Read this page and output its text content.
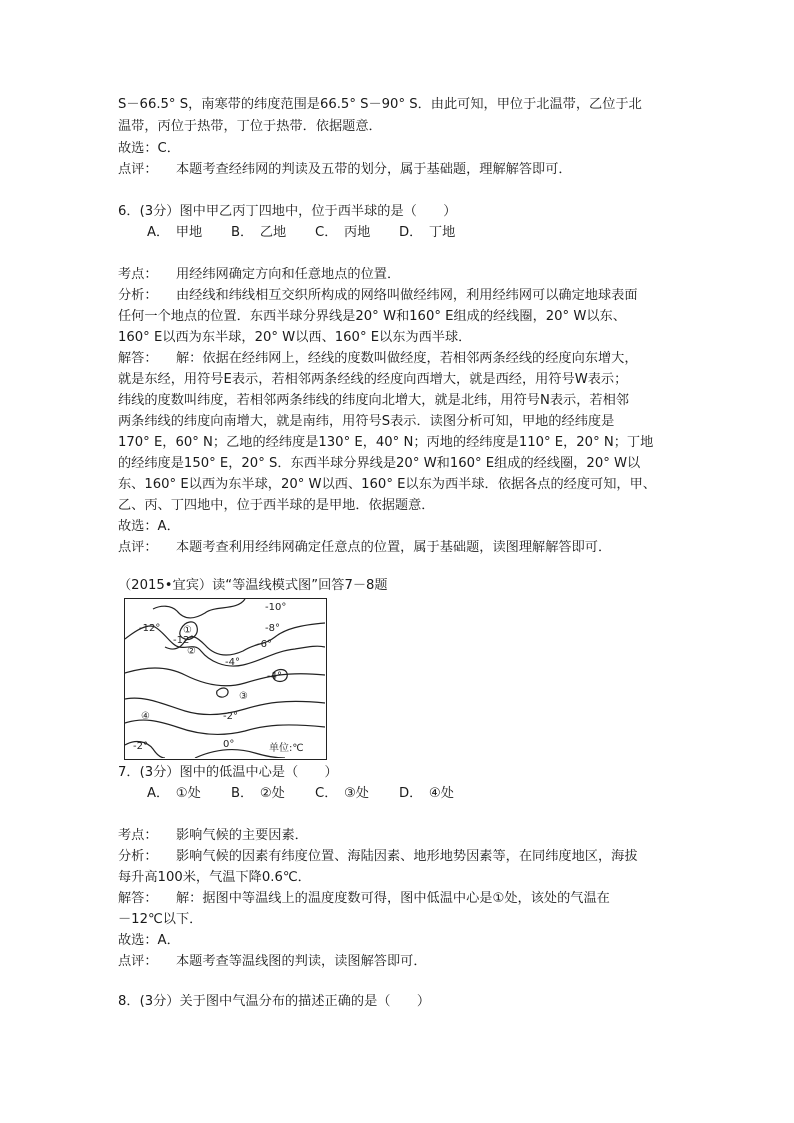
S－66.5° S，南寒带的纬度范围是66.5° S－90° S．由此可知，甲位于北温带，乙位于北
温带，丙位于热带，丁位于热带．依据题意．
故选：C．
点评： 本题考查经纬网的判读及五带的划分，属于基础题，理解解答即可．
6．(3分）图中甲乙丙丁四地中，位于西半球的是（　　）
A．　甲地 B．　乙地 C．　丙地 D．　丁地
考点： 用经纬网确定方向和任意地点的位置．
分析： 由经线和纬线相互交织所构成的网络叫做经纬网，利用经纬网可以确定地球表面
任何一个地点的位置．东西半球分界线是20° W和160° E组成的经线圈，20° W以东、
160° E以西为东半球，20° W以西、160° E以东为西半球．
解答： 解：依据在经纬网上，经线的度数叫做经度，若相邻两条经线的经度向东增大，
就是东经，用符号E表示，若相邻两条经线的经度向西增大，就是西经，用符号W表示；
纬线的度数叫纬度，若相邻两条纬线的纬度向北增大，就是北纬，用符号N表示，若相邻
两条纬线的纬度向南增大，就是南纬，用符号S表示．读图分析可知，甲地的经纬度是
170° E，60° N；乙地的经纬度是130° E，40° N；丙地的经纬度是110° E，20° N；丁地
的经纬度是150° E，20° S．东西半球分界线是20° W和160° E组成的经线圈，20° W以
东、160° E以西为东半球，20° W以西、160° E以东为西半球．依据各点的经度可知，甲、
乙、丙、丁四地中，位于西半球的是甲地．依据题意．
故选：A．
点评： 本题考查利用经纬网确定任意点的位置，属于基础题，读图理解解答即可．
（2015•宜宾）读“等温线模式图”回答7－8题
-10°
-12° ①
-12°
②
-8°
-6°
-4°
-4°
③
④	-2°
-2°	0°	单位:℃
7．(3分）图中的低温中心是（　　）
A．　①处 B．　②处 C．　③处 D．　④处
考点： 影响气候的主要因素．
分析： 影响气候的因素有纬度位置、海陆因素、地形地势因素等，在同纬度地区，海拔
每升高100米，气温下降0.6℃．
解答： 解：据图中等温线上的温度度数可得，图中低温中心是①处，该处的气温在
－12℃以下．
故选：A．
点评： 本题考查等温线图的判读，读图解答即可．
8．(3分）关于图中气温分布的描述正确的是（　　）
